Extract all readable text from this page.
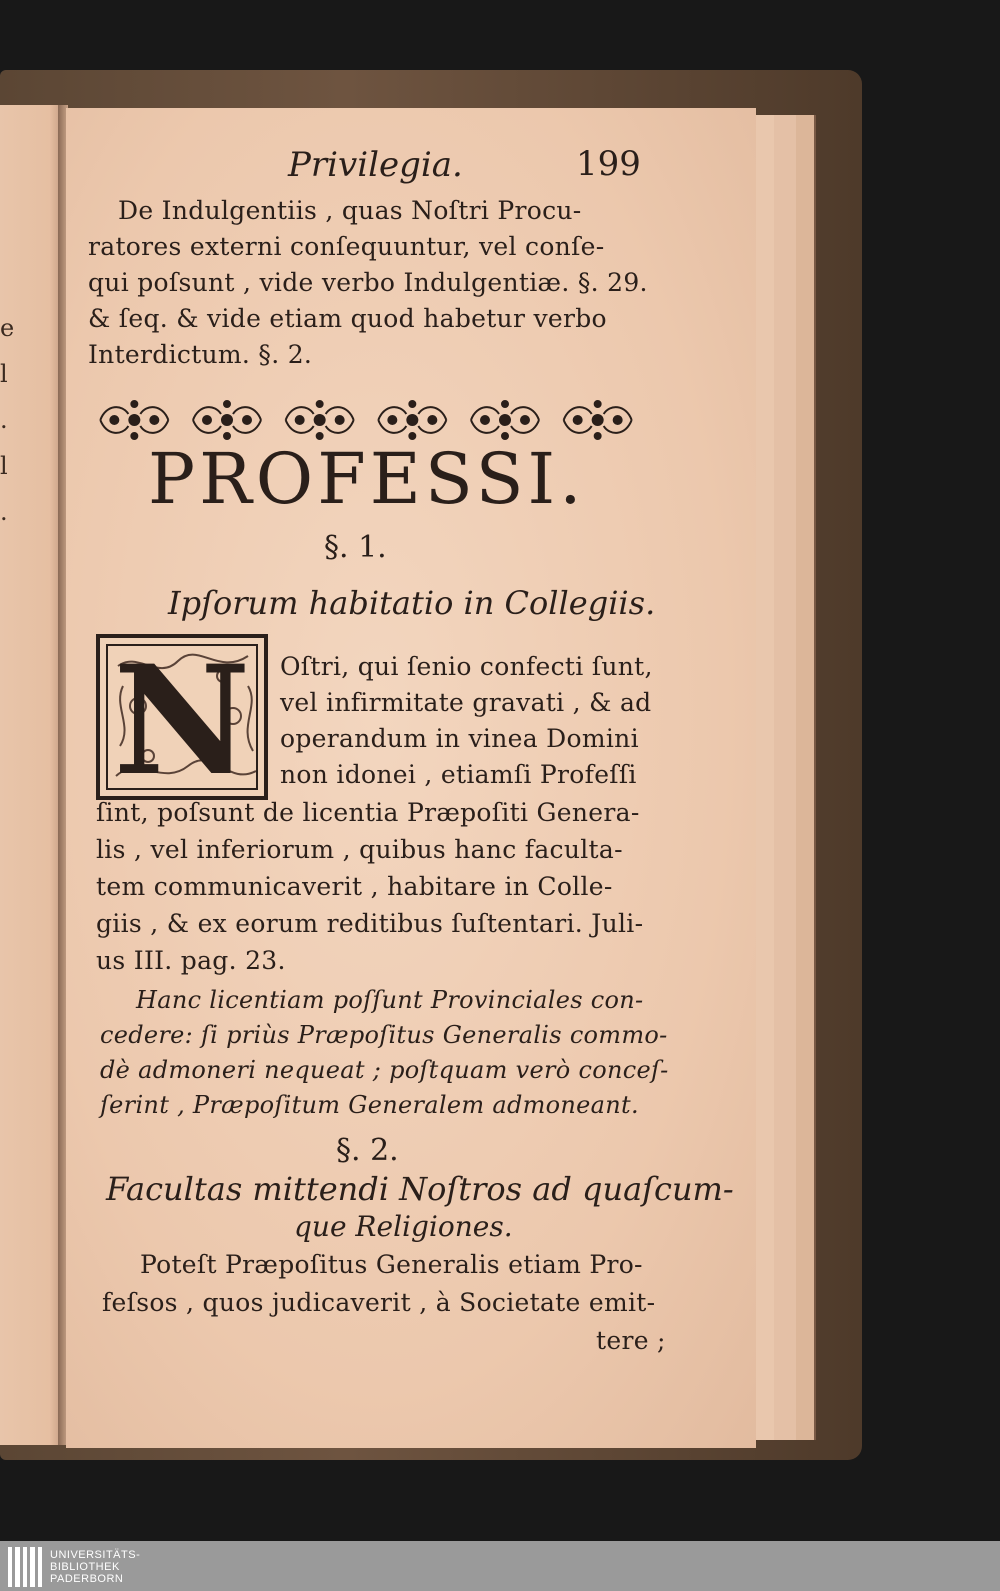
e
l
.
l
.
Privilegia.	199
De Indulgentiis , quas Noſtri Procu-
ratores externi conſequuntur, vel conſe-
qui poſsunt , vide verbo Indulgentiæ. §. 29.
& ſeq. & vide etiam quod habetur verbo
Interdictum. §. 2.
PROFESSI.
§. 1.
Ipſorum habitatio in Collegiis.
N Oſtri, qui ſenio confecti ſunt,
vel infirmitate gravati , & ad
operandum in vinea Domini
non idonei , etiamſi Profeſſi
ſint, poſsunt de licentia Præpoſiti Genera-
lis , vel inferiorum , quibus hanc faculta-
tem communicaverit , habitare in Colle-
giis , & ex eorum reditibus ſuſtentari. Juli-
us III. pag. 23.
Hanc licentiam poſſunt Provinciales con-
cedere: ſi priùs Præpoſitus Generalis commo-
dè admoneri nequeat ; poſtquam verò conceſ-
ſerint , Præpoſitum Generalem admoneant.
§. 2.
Facultas mittendi Noſtros ad quaſcum-
que Religiones.
Poteſt Præpoſitus Generalis etiam Pro-
feſsos , quos judicaverit , à Societate emit-
tere ;
UNIVERSITÄTS-
BIBLIOTHEK
PADERBORN
